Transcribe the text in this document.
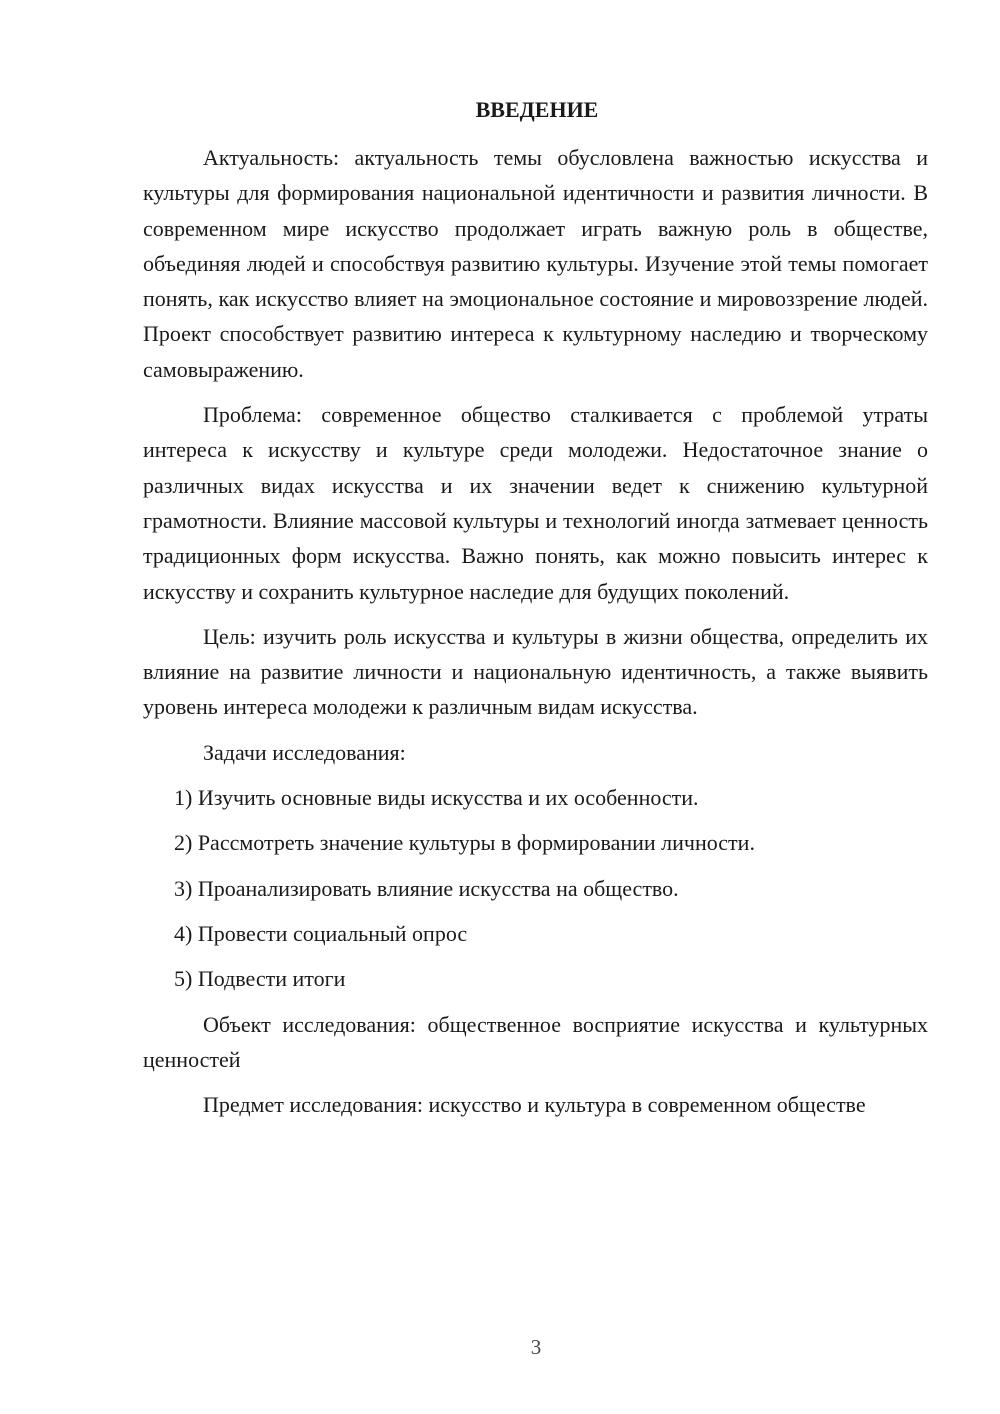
ВВЕДЕНИЕ

Актуальность: актуальность темы обусловлена важностью искусства и культуры для формирования национальной идентичности и развития личности. В современном мире искусство продолжает играть важную роль в обществе, объединяя людей и способствуя развитию культуры. Изучение этой темы помогает понять, как искусство влияет на эмоциональное состояние и мировоззрение людей. Проект способствует развитию интереса к культурному наследию и творческому самовыражению.

Проблема: современное общество сталкивается с проблемой утраты интереса к искусству и культуре среди молодежи. Недостаточное знание о различных видах искусства и их значении ведет к снижению культурной грамотности. Влияние массовой культуры и технологий иногда затмевает ценность традиционных форм искусства. Важно понять, как можно повысить интерес к искусству и сохранить культурное наследие для будущих поколений.

Цель: изучить роль искусства и культуры в жизни общества, определить их влияние на развитие личности и национальную идентичность, а также выявить уровень интереса молодежи к различным видам искусства.

Задачи исследования:

1) Изучить основные виды искусства и их особенности.
2) Рассмотреть значение культуры в формировании личности.
3) Проанализировать влияние искусства на общество.
4) Провести социальный опрос
5) Подвести итоги

Объект исследования: общественное восприятие искусства и культурных ценностей

Предмет исследования: искусство и культура в современном обществе

3
